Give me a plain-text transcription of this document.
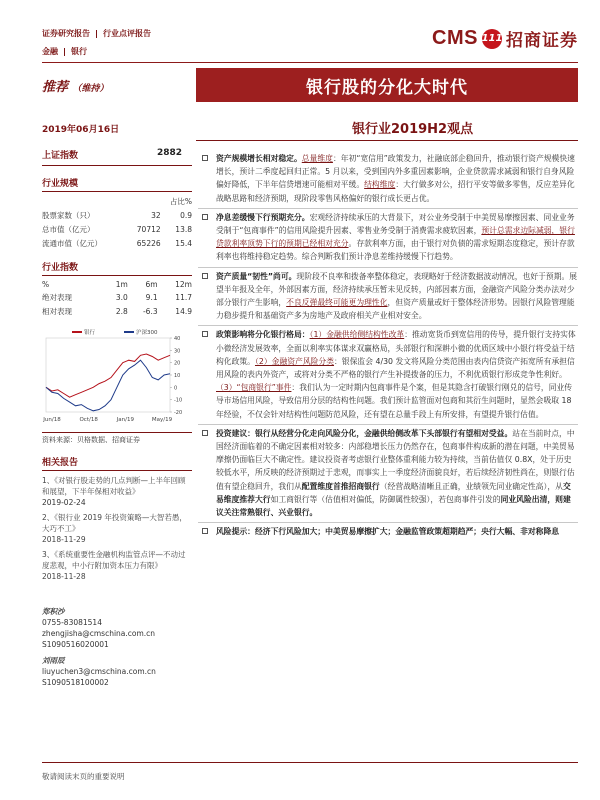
证券研究报告 行业点评报告
金融 银行
CMS 111 招商证券
推荐 （维持）	银行股的分化大时代
2019年06月16日	银行业2019H2观点
上证指数	2882
行业规模
		占比%
股票家数（只）	32	0.9
总市值（亿元）	70712	13.8
流通市值（亿元）	65226	15.4
行业指数
%	1m	6m	12m
绝对表现	3.0	9.1	11.7
相对表现	2.8	-6.3	14.9
40
30
20
10
0
-10
-20
Jun/18	Oct/18	Jan/19	May/19
银行	沪深300
资料来源：贝格数据、招商证券
相关报告
1、《对银行股走势的几点判断—上半年回顾和展望，下半年保相对收益》
2019-02-24
2、《银行业 2019 年投资策略—大智若愚，大巧不工》
2018-11-29
3、《系统重要性金融机构监管点评—不动过度悲观，中小行附加资本压力有限》
2018-11-28
郑积沙
0755-83081514
zhengjisha@cmschina.com.cn
S1090516020001
刘雨辰
liuyuchen3@cmschina.com.cn
S1090518100002
资产规模增长相对稳定。总量维度：年初“宽信用”政策发力，社融底部企稳回升，推动银行资产规模快速增长，预计二季度起回归正常。5 月以来，受到国内外多重因素影响，企业贷款需求减弱和银行自身风险偏好降低，下半年信贷增速可能相对平缓。结构维度：大行做多对公，招行平安等做多零售，反应差异化战略思路和经济预期，现阶段零售风格偏好的银行成长更占优。
净息差缓慢下行预期充分。宏观经济持续承压的大背景下，对公业务受制于中美贸易摩擦因素、同业业务受制于“包商事件”的信用风险提升因素、零售业务受制于消费需求疲软因素，预计总需求边际减弱，银行贷款利率顶势下行的预期已经相对充分。存款利率方面，由于银行对负债的需求短期态度稳定，预计存款利率也将维持稳定趋势。综合判断我们预计净息差维持缓慢下行趋势。
资产质量“韧性”尚可。现阶段不良率和拨备率整体稳定，表现略好于经济数据波动情况，也好于预期。展望半年报及全年，外部因素方面，经济持续承压暂未见反转，内部因素方面，金融资产风险分类办法对少部分银行产生影响，不良反弹最终可能更为理性化，但资产质量或好于整体经济形势。因银行风险管理能力稳步提升和基础资产多为房地产及政府相关产业相对安全。
政策影响将分化银行格局：（1）金融供给侧结构性改革：推动宽货币到宽信用的传导，提升银行支持实体小微经济发展效率，全面以利率实体谋求双赢格局，头部银行和深耕小微的优质区域中小银行将受益于结构化政策。（2）金融资产风险分类：银保监会 4/30 发文将风险分类范围由表内信贷资产拓宽所有承担信用风险的表内外资产，或将对分类不严格的银行产生补提拨备的压力，不利优质银行形成竞争性利好。（3）“包商银行”事件：我们认为一定时期内包商事件是个案，但是其隐含打破银行刚兑的信号，同业传导市场信用风险，导致信用分层的结构性问题。我们预计监管面对包商和其衍生问题时，显然会吸取 18 年经验，不仅会针对结构性问题防范风险，还有望在总量手段上有所安排，有望提升银行估值。
投资建议：银行从经营分化走向风险分化，金融供给侧改革下头部银行有望相对受益。站在当前时点，中国经济面临着的不确定因素相对较多：内部稳增长压力仍然存在，包商事件构成新的潜在问题，中美贸易摩擦仍面临巨大不确定性。建议投资者考虑银行业整体重利能力较为持续，当前估值仅 0.8X，处于历史较低水平，所反映的经济预期过于悲观，而事实上一季度经济面貌良好，若后续经济韧性尚在，则银行估值有望企稳回升，我们从配置维度首推招商银行（经营战略清晰且正确，业绩领先同业确定性高），从交易维度推荐大行如工商银行等（估值相对偏低，防御属性较强），若包商事件引发的同业风险出清，则建议关注常熟银行、兴业银行。
风险提示：经济下行风险加大；中美贸易摩擦扩大；金融监管政策超期趋严；央行大幅、非对称降息
敬请阅读末页的重要说明
